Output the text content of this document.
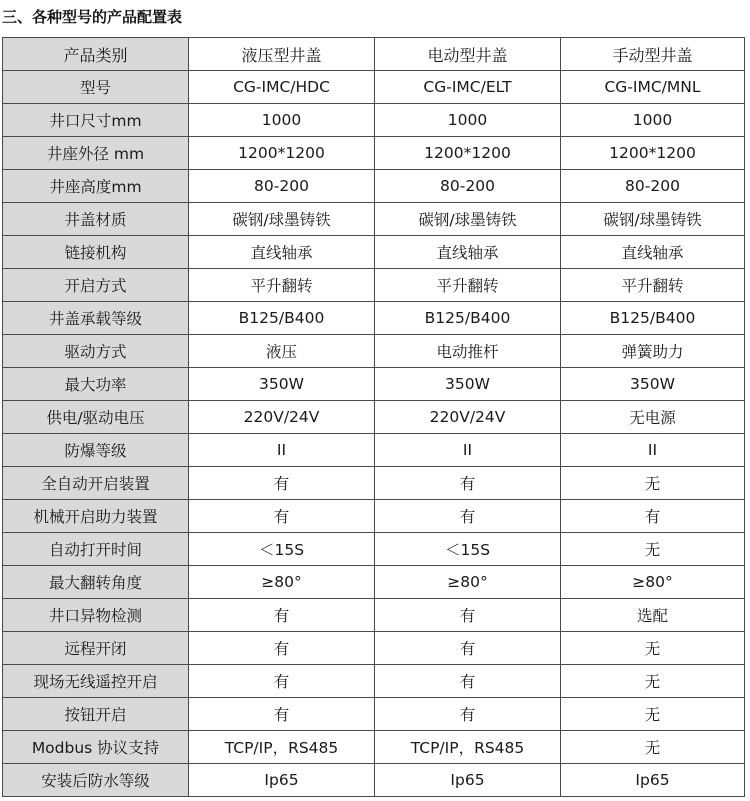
三、各种型号的产品配置表
产品类别	液压型井盖	电动型井盖	手动型井盖
型号	CG-IMC/HDC	CG-IMC/ELT	CG-IMC/MNL
井口尺寸mm	1000	1000	1000
井座外径 mm	1200*1200	1200*1200	1200*1200
井座高度mm	80-200	80-200	80-200
井盖材质	碳钢/球墨铸铁	碳钢/球墨铸铁	碳钢/球墨铸铁
链接机构	直线轴承	直线轴承	直线轴承
开启方式	平升翻转	平升翻转	平升翻转
井盖承载等级	B125/B400	B125/B400	B125/B400
驱动方式	液压	电动推杆	弹簧助力
最大功率	350W	350W	350W
供电/驱动电压	220V/24V	220V/24V	无电源
防爆等级	II	II	II
全自动开启装置	有	有	无
机械开启助力装置	有	有	有
自动打开时间	＜15S	＜15S	无
最大翻转角度	≥80°	≥80°	≥80°
井口异物检测	有	有	选配
远程开闭	有	有	无
现场无线遥控开启	有	有	无
按钮开启	有	有	无
Modbus 协议支持	TCP/IP，RS485	TCP/IP，RS485	无
安装后防水等级	Ip65	Ip65	Ip65
